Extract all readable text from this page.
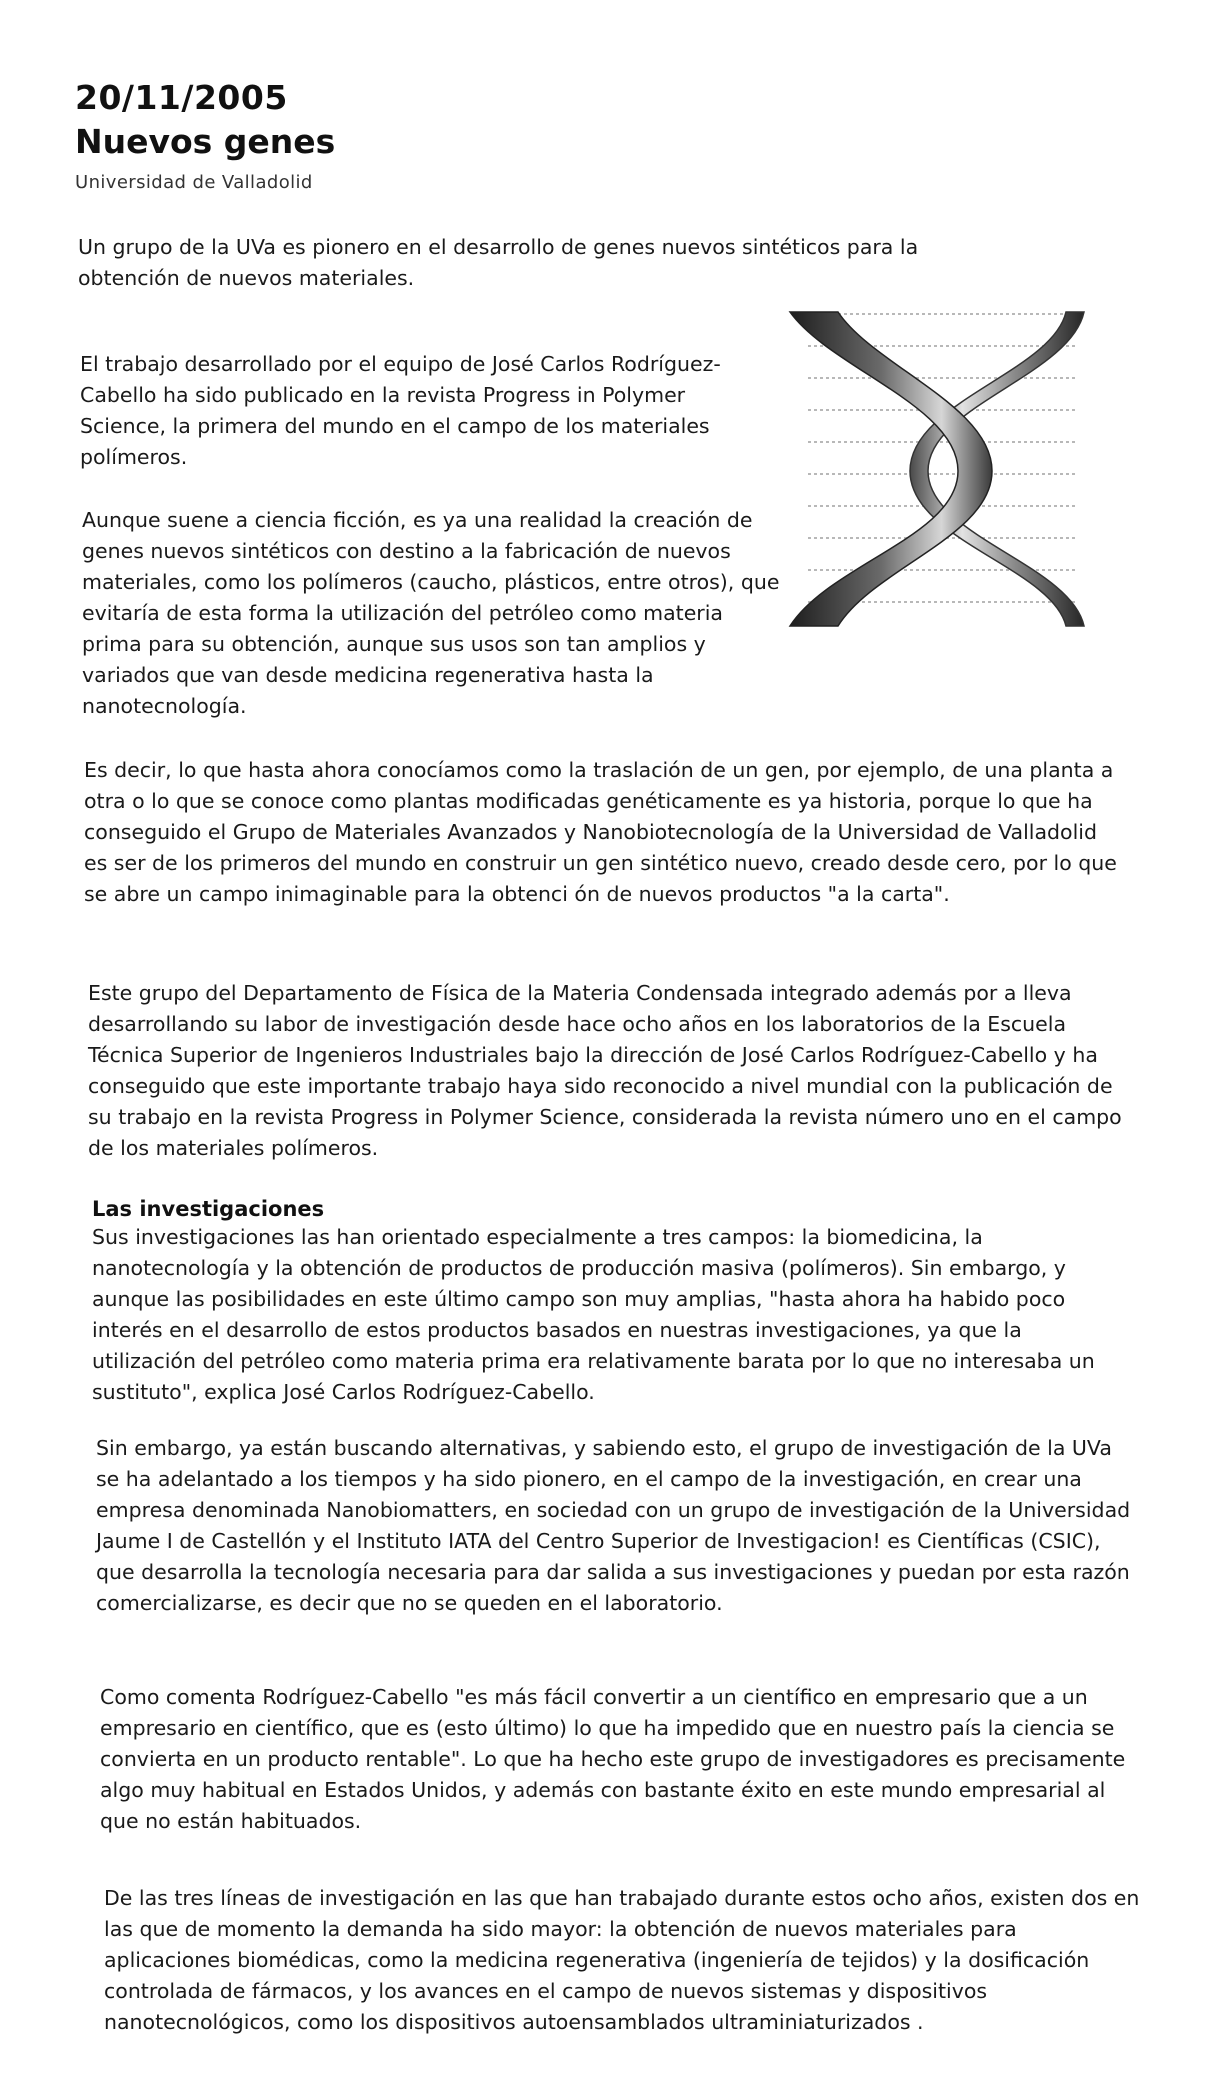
20/11/2005
Nuevos genes
Universidad de Valladolid

Un grupo de la UVa es pionero en el desarrollo de genes nuevos sintéticos para la obtención de nuevos materiales.

El trabajo desarrollado por el equipo de José Carlos Rodríguez-Cabello ha sido publicado en la revista Progress in Polymer Science, la primera del mundo en el campo de los materiales polímeros.

Aunque suene a ciencia ficción, es ya una realidad la creación de genes nuevos sintéticos con destino a la fabricación de nuevos materiales, como los polímeros (caucho, plásticos, entre otros), que evitaría de esta forma la utilización del petróleo como materia prima para su obtención, aunque sus usos son tan amplios y variados que van desde medicina regenerativa hasta la nanotecnología.

Es decir, lo que hasta ahora conocíamos como la traslación de un gen, por ejemplo, de una planta a otra o lo que se conoce como plantas modificadas genéticamente es ya historia, porque lo que ha conseguido el Grupo de Materiales Avanzados y Nanobiotecnología de la Universidad de Valladolid es ser de los primeros del mundo en construir un gen sintético nuevo, creado desde cero, por lo que se abre un campo inimaginable para la obtenci ón de nuevos productos "a la carta".

Este grupo del Departamento de Física de la Materia Condensada integrado además por a lleva desarrollando su labor de investigación desde hace ocho años en los laboratorios de la Escuela Técnica Superior de Ingenieros Industriales bajo la dirección de José Carlos Rodríguez-Cabello y ha conseguido que este importante trabajo haya sido reconocido a nivel mundial con la publicación de su trabajo en la revista Progress in Polymer Science, considerada la revista número uno en el campo de los materiales polímeros.

Las investigaciones

Sus investigaciones las han orientado especialmente a tres campos: la biomedicina, la nanotecnología y la obtención de productos de producción masiva (polímeros). Sin embargo, y aunque las posibilidades en este último campo son muy amplias, "hasta ahora ha habido poco interés en el desarrollo de estos productos basados en nuestras investigaciones, ya que la utilización del petróleo como materia prima era relativamente barata por lo que no interesaba un sustituto", explica José Carlos Rodríguez-Cabello.

Sin embargo, ya están buscando alternativas, y sabiendo esto, el grupo de investigación de la UVa se ha adelantado a los tiempos y ha sido pionero, en el campo de la investigación, en crear una empresa denominada Nanobiomatters, en sociedad con un grupo de investigación de la Universidad Jaume I de Castellón y el Instituto IATA del Centro Superior de Investigacion! es Científicas (CSIC), que desarrolla la tecnología necesaria para dar salida a sus investigaciones y puedan por esta razón comercializarse, es decir que no se queden en el laboratorio.

Como comenta Rodríguez-Cabello "es más fácil convertir a un científico en empresario que a un empresario en científico, que es (esto último) lo que ha impedido que en nuestro país la ciencia se convierta en un producto rentable". Lo que ha hecho este grupo de investigadores es precisamente algo muy habitual en Estados Unidos, y además con bastante éxito en este mundo empresarial al que no están habituados.

De las tres líneas de investigación en las que han trabajado durante estos ocho años, existen dos en las que de momento la demanda ha sido mayor: la obtención de nuevos materiales para aplicaciones biomédicas, como la medicina regenerativa (ingeniería de tejidos) y la dosificación controlada de fármacos, y los avances en el campo de nuevos sistemas y dispositivos nanotecnológicos, como los dispositivos autoensamblados ultraminiaturizados .
